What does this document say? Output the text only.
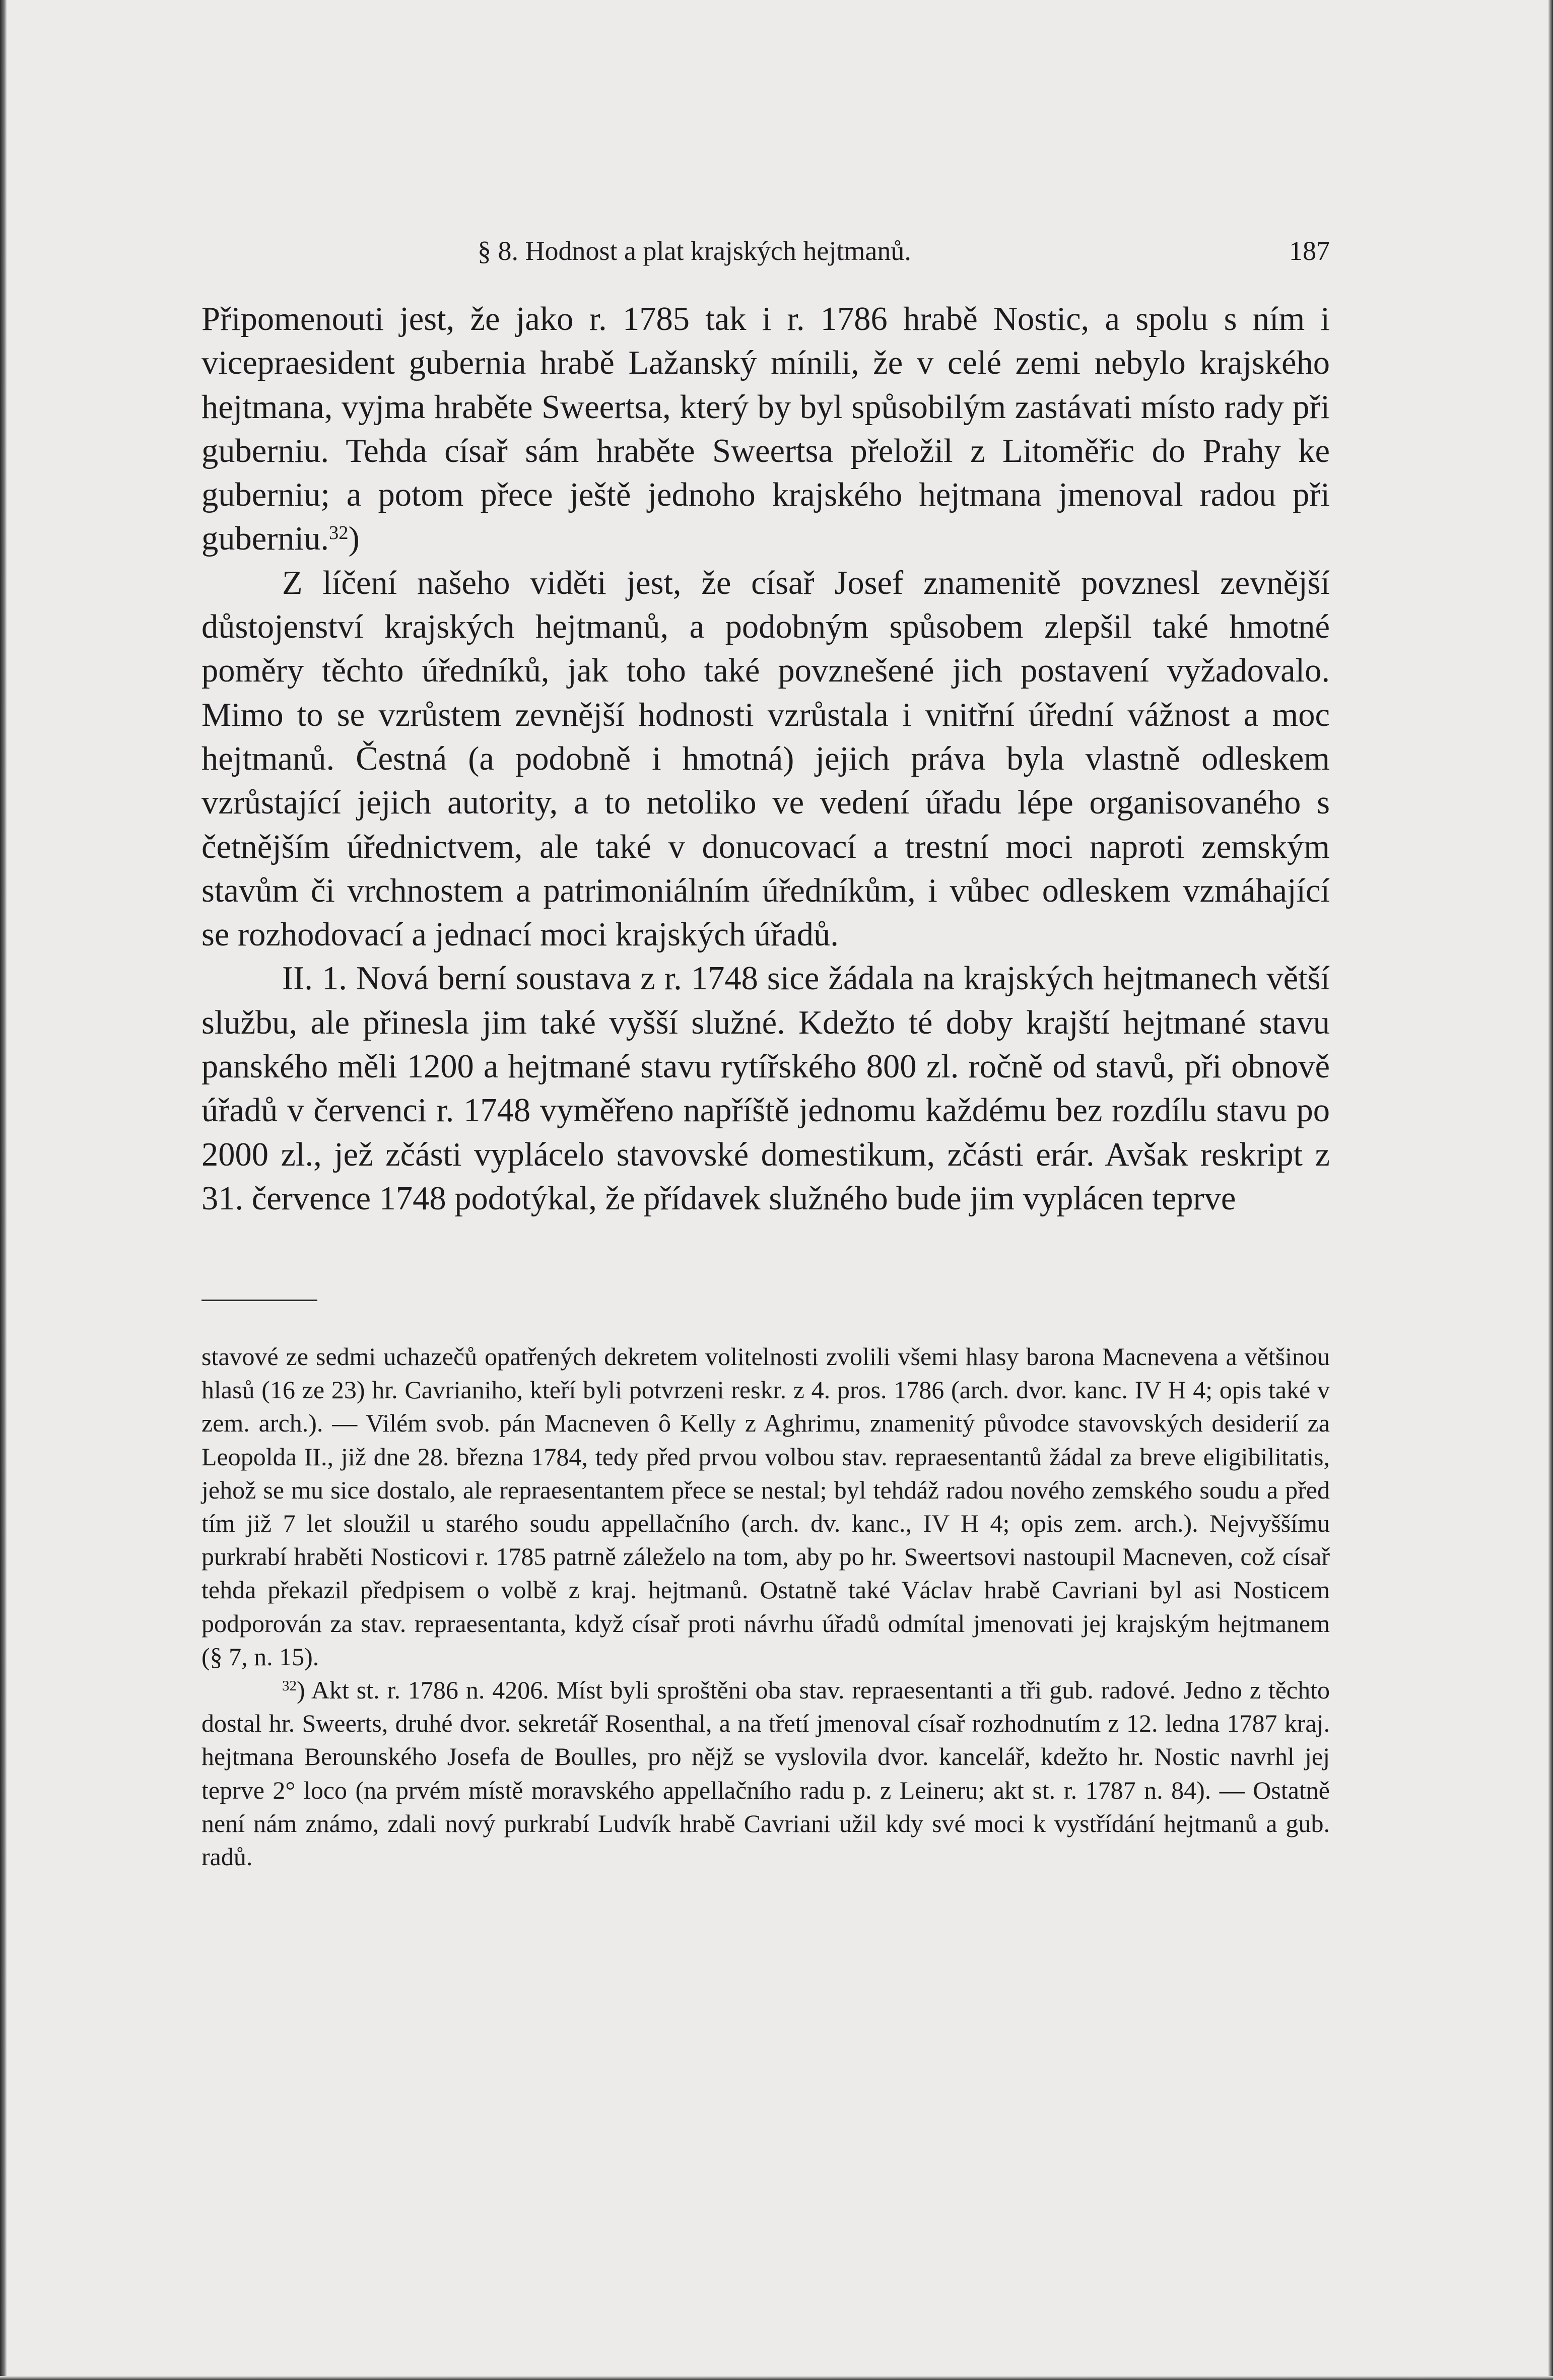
§ 8. Hodnost a plat krajských hejtmanů.	187

Připomenouti jest, že jako r. 1785 tak i r. 1786 hrabě Nostic, a spolu s ním i vicepraesident gubernia hrabě Lažanský mínili, že v celé zemi nebylo krajského hejtmana, vyjma hraběte Sweertsa, který by byl spůsobilým zastávati místo rady při guberniu. Tehda císař sám hraběte Sweertsa přeložil z Litoměřic do Prahy ke guberniu; a potom přece ještě jednoho krajského hejtmana jmenoval radou při guberniu.$^{32}$)

Z líčení našeho viděti jest, že císař Josef znamenitě povznesl zevnější důstojenství krajských hejtmanů, a podobným spůsobem zlepšil také hmotné poměry těchto úředníků, jak toho také povznešené jich postavení vyžadovalo. Mimo to se vzrůstem zevnější hodnosti vzrůstala i vnitřní úřední vážnost a moc hejtmanů. Čestná (a podobně i hmotná) jejich práva byla vlastně odleskem vzrůstající jejich autority, a to netoliko ve vedení úřadu lépe organisovaného s četnějším úřednictvem, ale také v donucovací a trestní moci naproti zemským stavům či vrchnostem a patrimoniálním úředníkům, i vůbec odleskem vzmáhající se rozhodovací a jednací moci krajských úřadů.

II. 1. Nová berní soustava z r. 1748 sice žádala na krajských hejtmanech větší službu, ale přinesla jim také vyšší služné. Kdežto té doby krajští hejtmané stavu panského měli 1200 a hejtmané stavu rytířského 800 zl. ročně od stavů, při obnově úřadů v červenci r. 1748 vyměřeno napříště jednomu každému bez rozdílu stavu po 2000 zl., jež zčásti vyplácelo stavovské domestikum, zčásti erár. Avšak reskript z 31. července 1748 podotýkal, že přídavek služného bude jim vyplácen teprve

stavové ze sedmi uchazečů opatřených dekretem volitelnosti zvolili všemi hlasy barona Macnevena a většinou hlasů (16 ze 23) hr. Cavrianiho, kteří byli potvrzeni reskr. z 4. pros. 1786 (arch. dvor. kanc. IV H 4; opis také v zem. arch.). — Vilém svob. pán Macneven ô Kelly z Aghrimu, znamenitý původce stavovských desiderií za Leopolda II., již dne 28. března 1784, tedy před prvou volbou stav. repraesentantů žádal za breve eligibilitatis, jehož se mu sice dostalo, ale repraesentantem přece se nestal; byl tehdáž radou nového zemského soudu a před tím již 7 let sloužil u starého soudu appellačního (arch. dv. kanc., IV H 4; opis zem. arch.). Nejvyššímu purkrabí hraběti Nosticovi r. 1785 patrně záleželo na tom, aby po hr. Sweertsovi nastoupil Macneven, což císař tehda překazil předpisem o volbě z kraj. hejtmanů. Ostatně také Václav hrabě Cavriani byl asi Nosticem podporován za stav. repraesentanta, když císař proti návrhu úřadů odmítal jmenovati jej krajským hejtmanem (§ 7, n. 15).

$^{32}$) Akt st. r. 1786 n. 4206. Míst byli sproštěni oba stav. repraesentanti a tři gub. radové. Jedno z těchto dostal hr. Sweerts, druhé dvor. sekretář Rosenthal, a na třetí jmenoval císař rozhodnutím z 12. ledna 1787 kraj. hejtmana Berounského Josefa de Boulles, pro nějž se vyslovila dvor. kancelář, kdežto hr. Nostic navrhl jej teprve 2° loco (na prvém místě moravského appellačního radu p. z Leineru; akt st. r. 1787 n. 84). — Ostatně není nám známo, zdali nový purkrabí Ludvík hrabě Cavriani užil kdy své moci k vystřídání hejtmanů a gub. radů.
